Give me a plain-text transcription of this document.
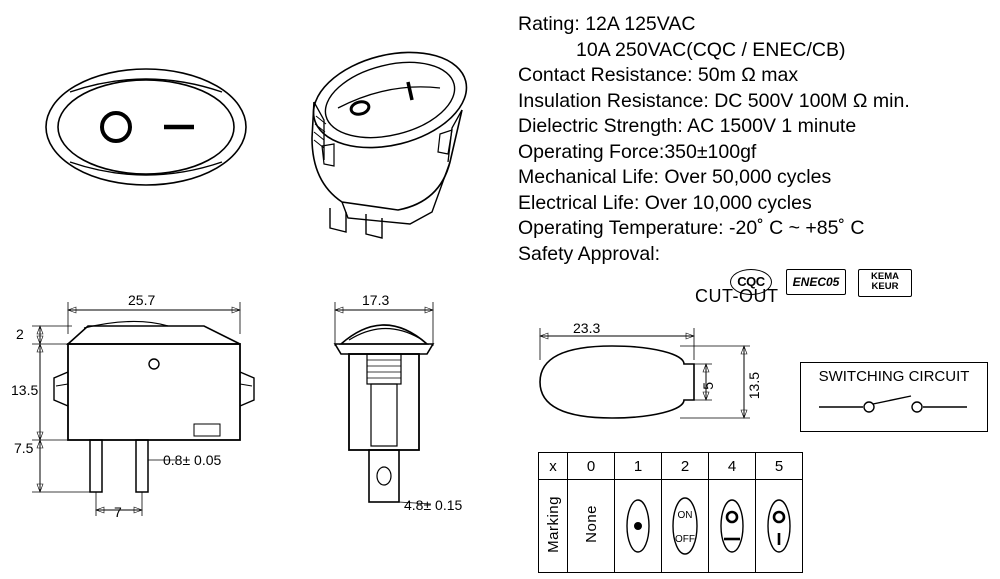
Rating: 12A 125VAC
10A 250VAC(CQC / ENEC/CB)
Contact Resistance: 50m Ω max
Insulation Resistance: DC 500V 100M Ω min.
Dielectric Strength: AC 1500V 1 minute
Operating Force:350±100gf
Mechanical Life: Over 50,000 cycles
Electrical Life: Over 10,000 cycles
Operating Temperature: -20˚ C ~ +85˚ C
Safety Approval:
CQC	ENEC05	KEMA
KEUR
25.7
2
13.5
7.5
7
0.8± 0.05
17.3
4.8± 0.15
CUT-OUT
23.3
5 13.5	SWITCHING CIRCUIT
x	0	1	2	4	5
Marking	None		ON
OFF
